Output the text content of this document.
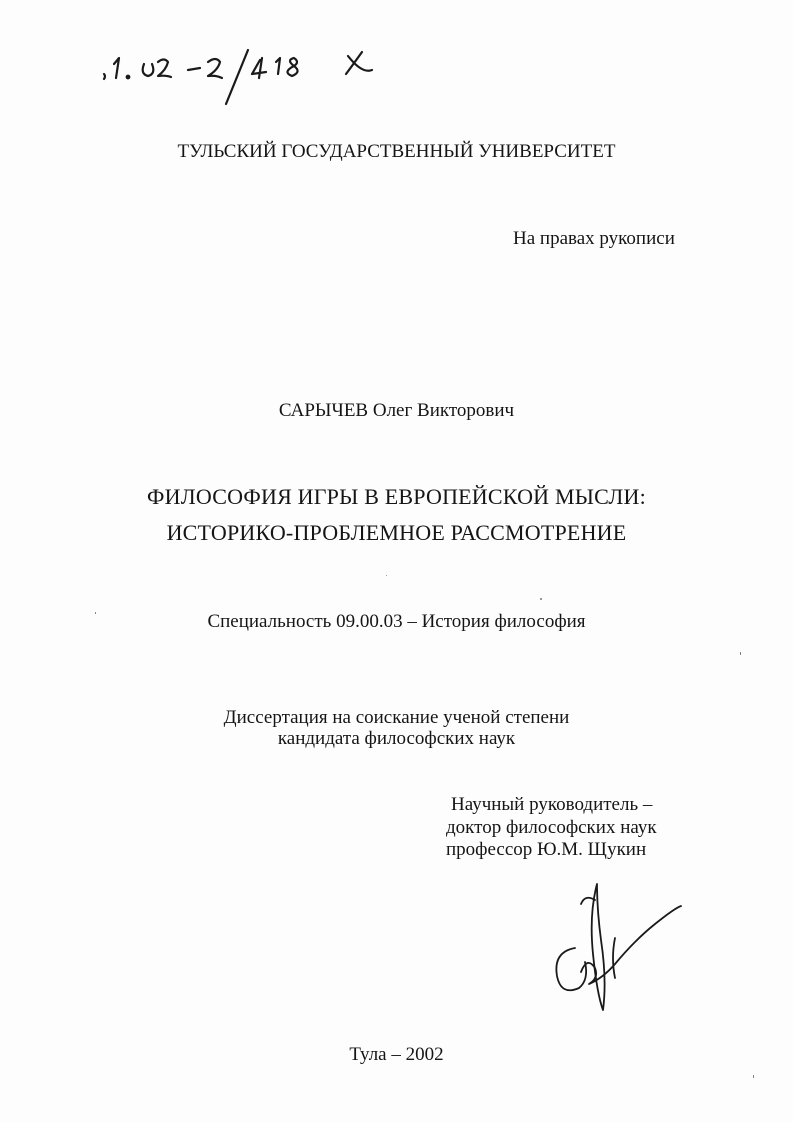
ТУЛЬСКИЙ ГОСУДАРСТВЕННЫЙ УНИВЕРСИТЕТ
На правах рукописи
САРЫЧЕВ Олег Викторович
ФИЛОСОФИЯ ИГРЫ В ЕВРОПЕЙСКОЙ МЫСЛИ:
ИСТОРИКО-ПРОБЛЕМНОЕ РАССМОТРЕНИЕ
Специальность 09.00.03 – История философия
Диссертация на соискание ученой степени
кандидата философских наук
Научный руководитель –
доктор философских наук
профессор Ю.М. Щукин
Тула – 2002
